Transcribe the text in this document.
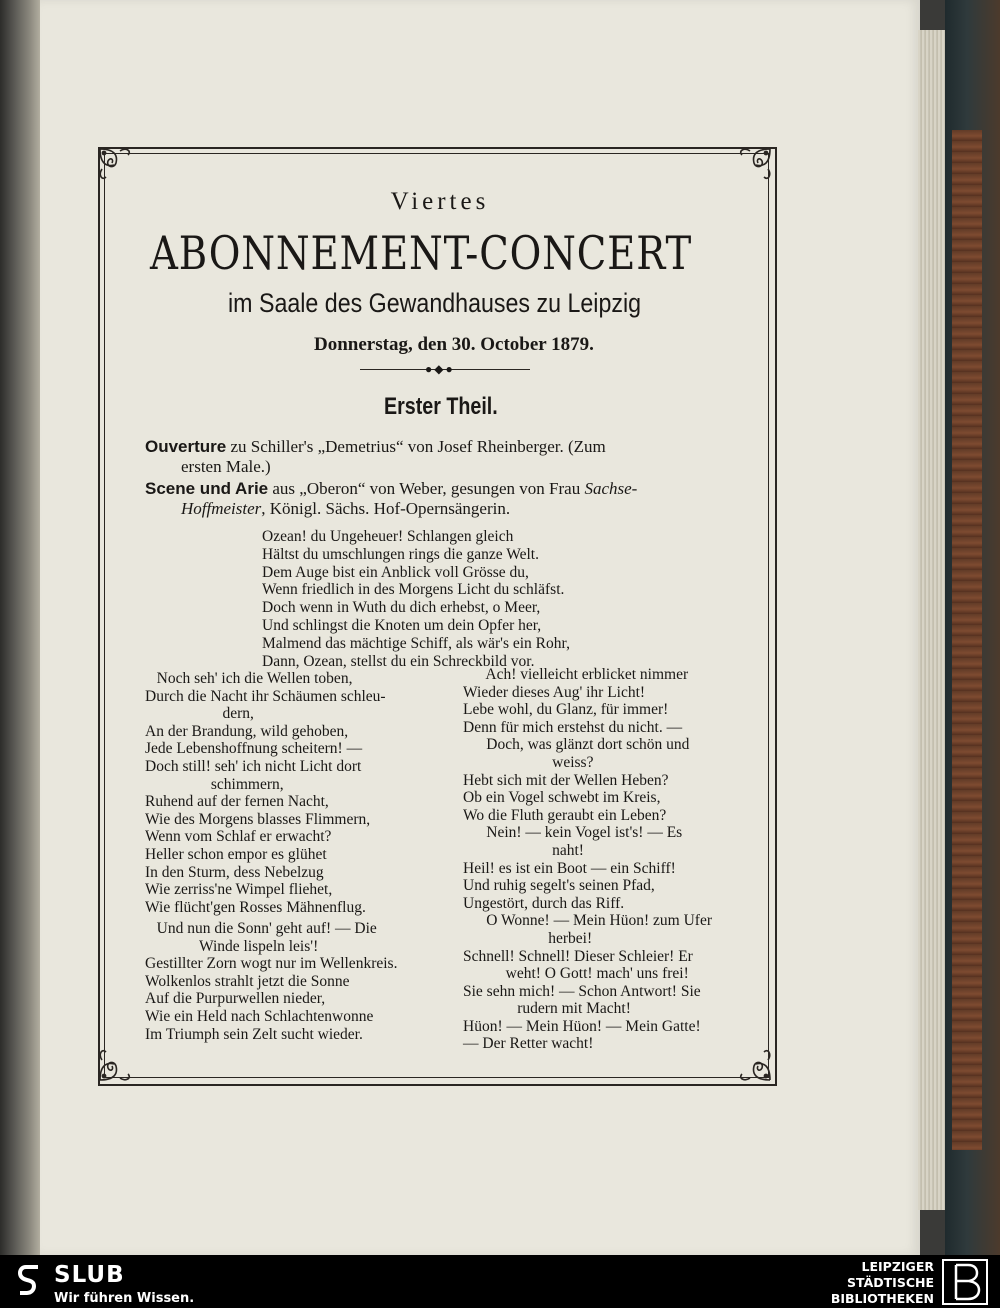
Viertes
ABONNEMENT-CONCERT
im Saale des Gewandhauses zu Leipzig
Donnerstag, den 30. October 1879.
●◆●
Erster Theil.
Ouverture zu Schiller's „Demetrius“ von Josef Rheinberger. (Zum
ersten Male.)
Scene und Arie aus „Oberon“ von Weber, gesungen von Frau Sachse-
Hoffmeister, Königl. Sächs. Hof-Opernsängerin.
Ozean! du Ungeheuer! Schlangen gleich
Hältst du umschlungen rings die ganze Welt.
Dem Auge bist ein Anblick voll Grösse du,
Wenn friedlich in des Morgens Licht du schläfst.
Doch wenn in Wuth du dich erhebst, o Meer,
Und schlingst die Knoten um dein Opfer her,
Malmend das mächtige Schiff, als wär's ein Rohr,
Dann, Ozean, stellst du ein Schreckbild vor.
Noch seh' ich die Wellen toben,
Durch die Nacht ihr Schäumen schleu-
dern,
An der Brandung, wild gehoben,
Jede Lebenshoffnung scheitern! —
Doch still! seh' ich nicht Licht dort
schimmern,
Ruhend auf der fernen Nacht,
Wie des Morgens blasses Flimmern,
Wenn vom Schlaf er erwacht?
Heller schon empor es glühet
In den Sturm, dess Nebelzug
Wie zerriss'ne Wimpel fliehet,
Wie flücht'gen Rosses Mähnenflug.
Und nun die Sonn' geht auf! — Die
Winde lispeln leis'!
Gestillter Zorn wogt nur im Wellenkreis.
Wolkenlos strahlt jetzt die Sonne
Auf die Purpurwellen nieder,
Wie ein Held nach Schlachtenwonne
Im Triumph sein Zelt sucht wieder.
Ach! vielleicht erblicket nimmer
Wieder dieses Aug' ihr Licht!
Lebe wohl, du Glanz, für immer!
Denn für mich erstehst du nicht. —
Doch, was glänzt dort schön und
weiss?
Hebt sich mit der Wellen Heben?
Ob ein Vogel schwebt im Kreis,
Wo die Fluth geraubt ein Leben?
Nein! — kein Vogel ist's! — Es
naht!
Heil! es ist ein Boot — ein Schiff!
Und ruhig segelt's seinen Pfad,
Ungestört, durch das Riff.
O Wonne! — Mein Hüon! zum Ufer
herbei!
Schnell! Schnell! Dieser Schleier! Er
weht! O Gott! mach' uns frei!
Sie sehn mich! — Schon Antwort! Sie
rudern mit Macht!
Hüon! — Mein Hüon! — Mein Gatte!
— Der Retter wacht!
SLUB
Wir führen Wissen.
LEIPZIGER
STÄDTISCHE
BIBLIOTHEKEN
